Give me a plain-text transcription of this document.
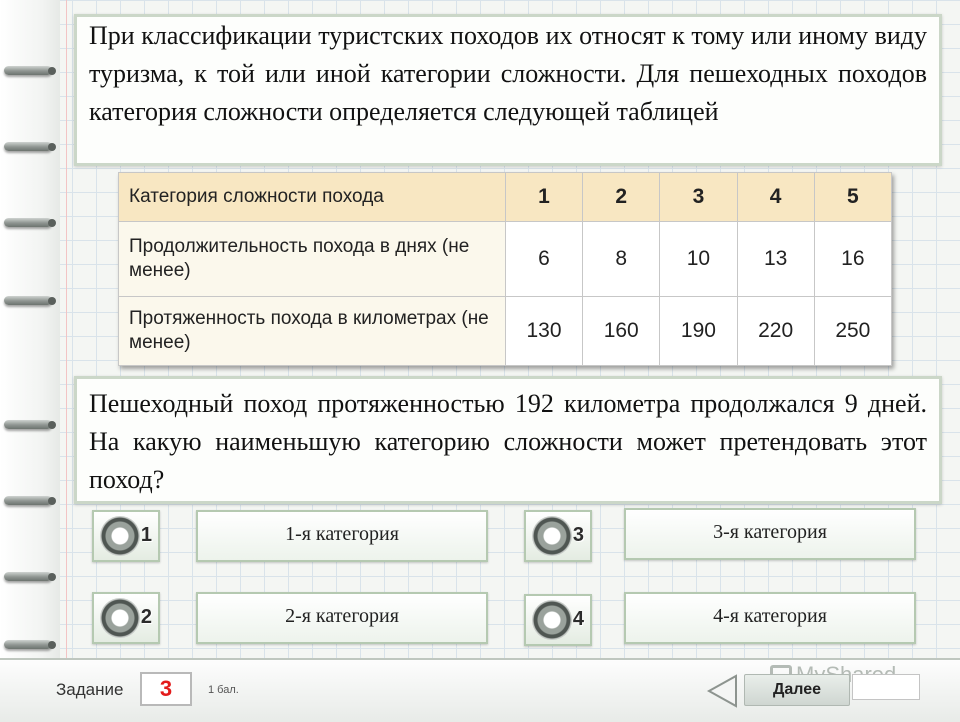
При классификации туристских походов их относят к тому или иному виду туризма, к той или иной категории сложности. Для пешеходных походов категория сложности определяется следующей таблицей

Категория сложности похода	1	2	3	4	5
Продолжительность похода в днях (не менее)	6	8	10	13	16
Протяженность похода в километрах (не менее)	130	160	190	220	250

Пешеходный поход протяженностью 192 километра продолжался 9 дней. На какую наименьшую категорию сложности может претендовать этот поход?

1	1-я категория
2	2-я категория
3	3-я категория
4	4-я категория
Задание	3	1 бал.	Далее
